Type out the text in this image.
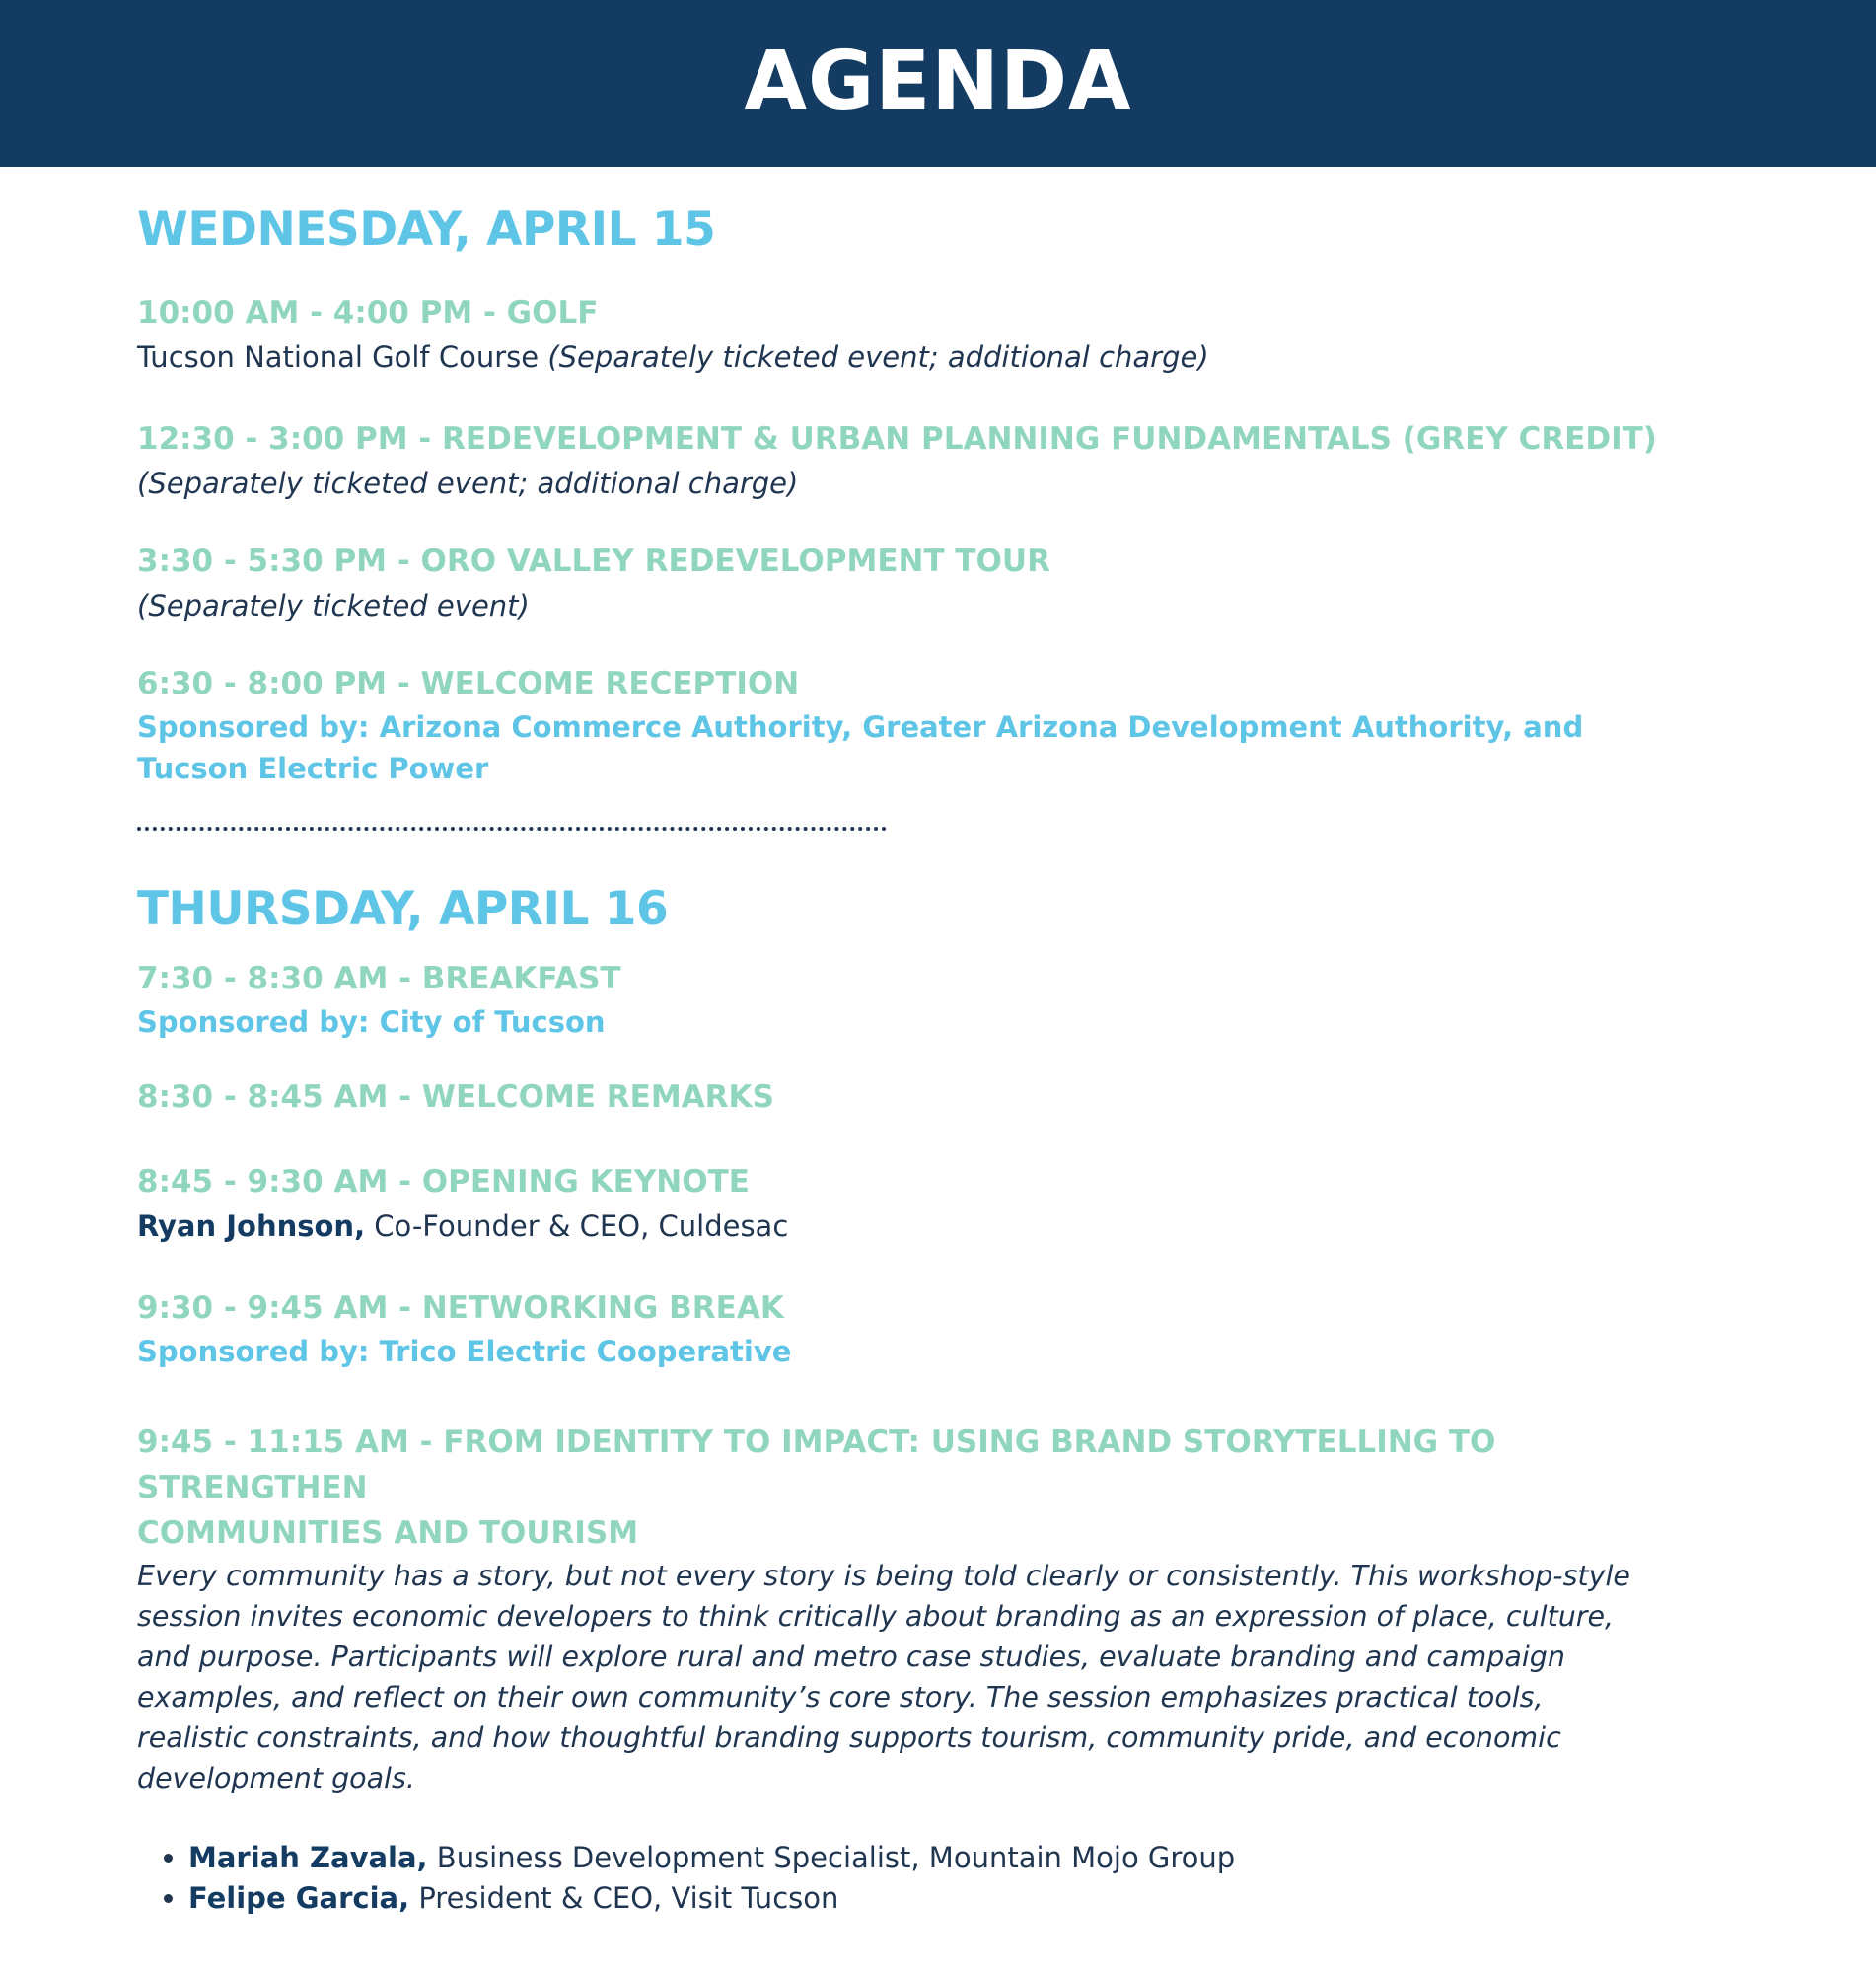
AGENDA
WEDNESDAY, APRIL 15

10:00 AM - 4:00 PM - GOLF

Tucson National Golf Course (Separately ticketed event; additional charge)

12:30 - 3:00 PM - REDEVELOPMENT & URBAN PLANNING FUNDAMENTALS (GREY CREDIT)

(Separately ticketed event; additional charge)

3:30 - 5:30 PM - ORO VALLEY REDEVELOPMENT TOUR

(Separately ticketed event)

6:30 - 8:00 PM - WELCOME RECEPTION

Sponsored by: Arizona Commerce Authority, Greater Arizona Development Authority, and

Tucson Electric Power

THURSDAY, APRIL 16

7:30 - 8:30 AM - BREAKFAST

Sponsored by: City of Tucson

8:30 - 8:45 AM - WELCOME REMARKS

8:45 - 9:30 AM - OPENING KEYNOTE

Ryan Johnson, Co-Founder & CEO, Culdesac

9:30 - 9:45 AM - NETWORKING BREAK

Sponsored by: Trico Electric Cooperative

9:45 - 11:15 AM - FROM IDENTITY TO IMPACT: USING BRAND STORYTELLING TO STRENGTHEN

COMMUNITIES AND TOURISM

Every community has a story, but not every story is being told clearly or consistently. This workshop-style
session invites economic developers to think critically about branding as an expression of place, culture,
and purpose. Participants will explore rural and metro case studies, evaluate branding and campaign
examples, and reflect on their own community’s core story. The session emphasizes practical tools,
realistic constraints, and how thoughtful branding supports tourism, community pride, and economic
development goals.
• Mariah Zavala, Business Development Specialist, Mountain Mojo Group
• Felipe Garcia, President & CEO, Visit Tucson
